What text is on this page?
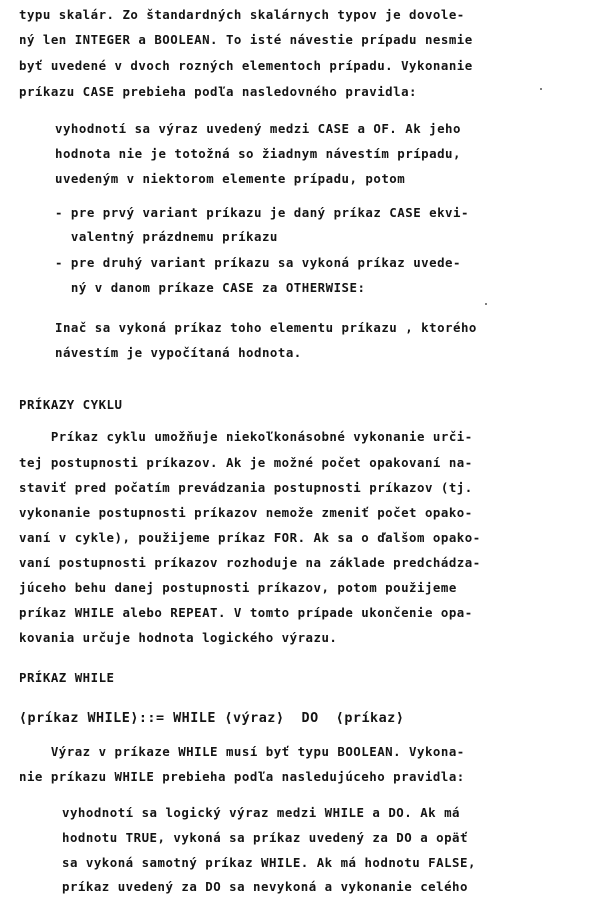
typu skalár. Zo štandardných skalárnych typov je dovole-
ný len INTEGER a BOOLEAN. To isté návestie prípadu nesmie
byť uvedené v dvoch rozných elementoch prípadu. Vykonanie
príkazu CASE prebieha podľa nasledovného pravidla:
vyhodnotí sa výraz uvedený medzi CASE a OF. Ak jeho
hodnota nie je totožná so žiadnym návestím prípadu,
uvedeným v niektorom elemente prípadu, potom
- pre prvý variant príkazu je daný príkaz CASE ekvi-
valentný prázdnemu príkazu
- pre druhý variant príkazu sa vykoná príkaz uvede-
ný v danom príkaze CASE za OTHERWISE:
Inač sa vykoná príkaz toho elementu príkazu , ktorého
návestím je vypočítaná hodnota.
PRÍKAZY CYKLU
Príkaz cyklu umožňuje niekoľkonásobné vykonanie urči-
tej postupnosti príkazov. Ak je možné počet opakovaní na-
staviť pred počatím prevádzania postupnosti príkazov (tj.
vykonanie postupnosti príkazov nemože zmeniť počet opako-
vaní v cykle), použijeme príkaz FOR. Ak sa o ďalšom opako-
vaní postupnosti príkazov rozhoduje na základe predchádza-
júceho behu danej postupnosti príkazov, potom použijeme
príkaz WHILE alebo REPEAT. V tomto prípade ukončenie opa-
kovania určuje hodnota logického výrazu.
PRÍKAZ WHILE
⟨príkaz WHILE⟩::= WHILE ⟨výraz⟩  DO  ⟨príkaz⟩
Výraz v príkaze WHILE musí byť typu BOOLEAN. Vykona-
nie príkazu WHILE prebieha podľa nasledujúceho pravidla:
vyhodnotí sa logický výraz medzi WHILE a DO. Ak má
hodnotu TRUE, vykoná sa príkaz uvedený za DO a opäť
sa vykoná samotný príkaz WHILE. Ak má hodnotu FALSE,
príkaz uvedený za DO sa nevykoná a vykonanie celého
